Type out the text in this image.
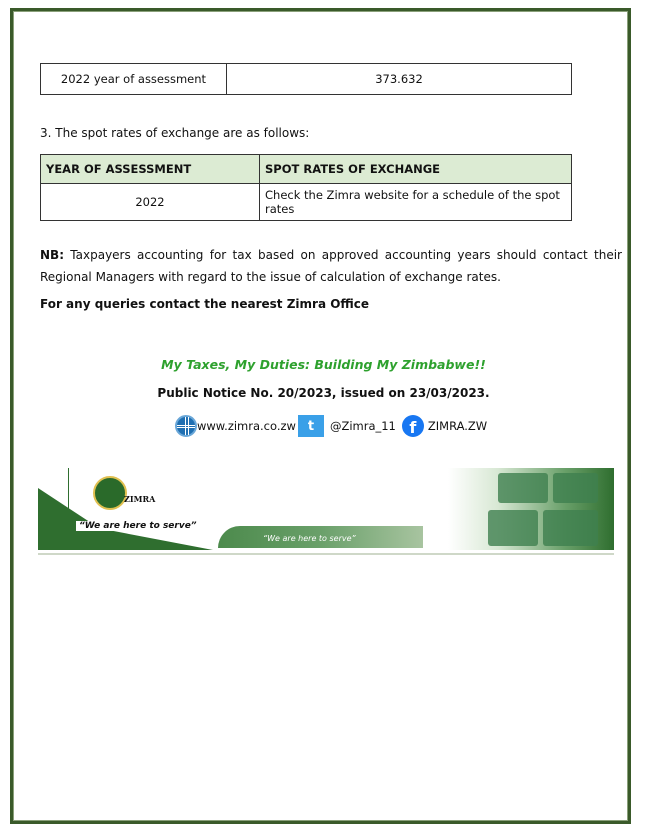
2022 year of assessment	373.632
3. The spot rates of exchange are as follows:
YEAR OF ASSESSMENT	SPOT RATES OF EXCHANGE
2022	Check the Zimra website for a schedule of the spot rates
NB: Taxpayers accounting for tax based on approved accounting years should contact their Regional Managers with regard to the issue of calculation of exchange rates.
For any queries contact the nearest Zimra Office
My Taxes, My Duties: Building My Zimbabwe!!
Public Notice No. 20/2023, issued on 23/03/2023.
www.zimra.co.zw t	@Zimra_11 f	ZIMRA.ZW
ZIMRA
“We are here to serve”
“We are here to serve”
